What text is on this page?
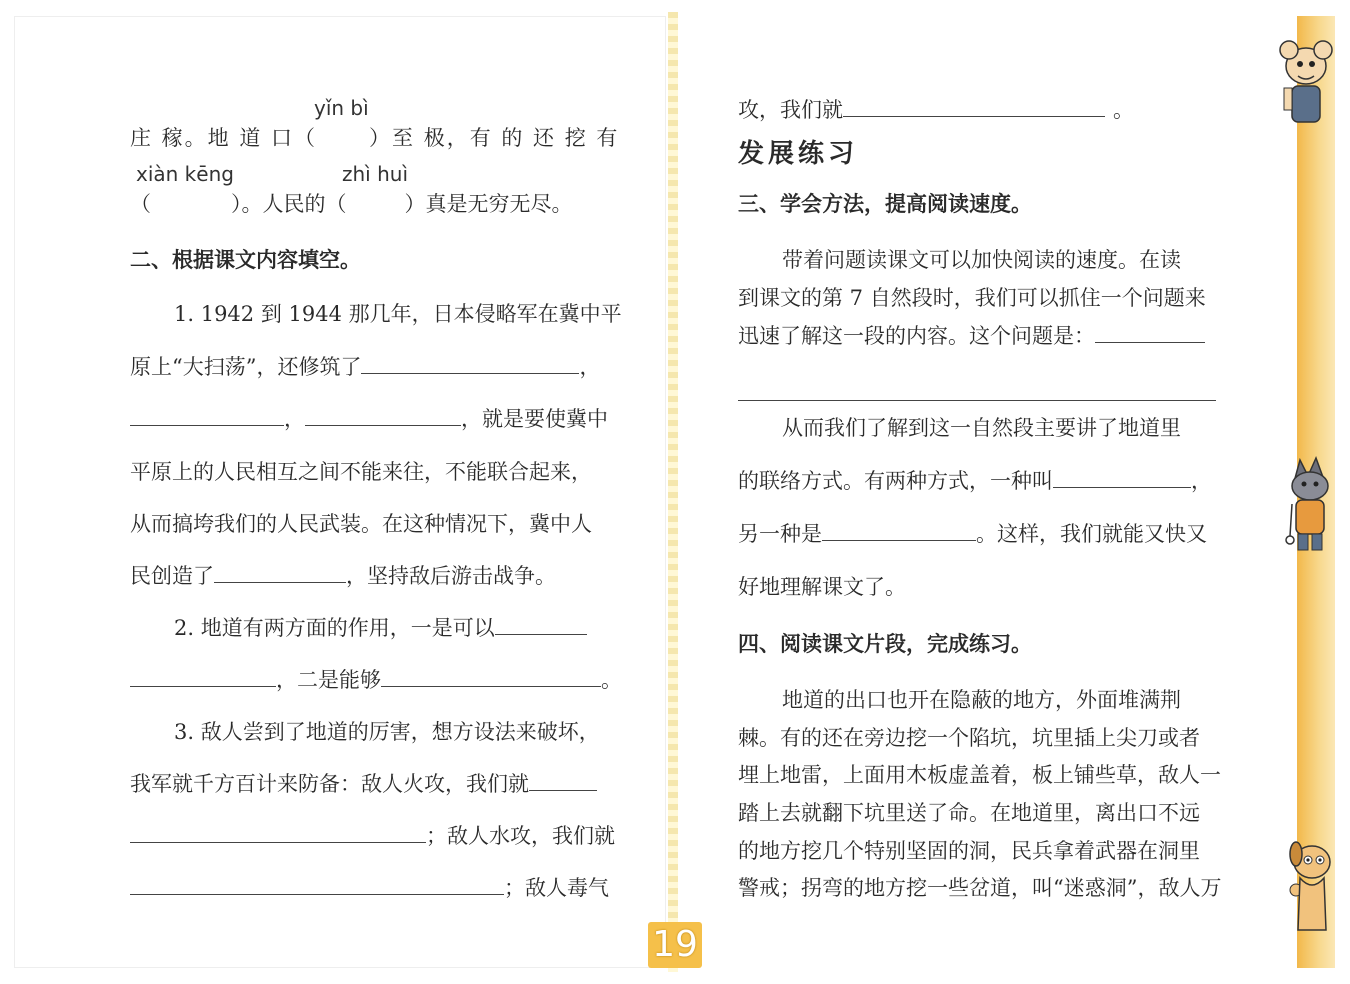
yǐn bì
庄 稼。地 道 口（ ）至 极，有 的 还 挖 有
xiàn kēng	zhì huì
（	）。人民的（	）真是无穷无尽。
二、根据课文内容填空。
1. 1942 到 1944 那几年，日本侵略军在冀中平
原上“大扫荡”，还修筑了	，
，	，就是要使冀中
平原上的人民相互之间不能来往，不能联合起来，
从而搞垮我们的人民武装。在这种情况下，冀中人
民创造了	，坚持敌后游击战争。
2. 地道有两方面的作用，一是可以
，二是能够	。
3. 敌人尝到了地道的厉害，想方设法来破坏，
我军就千方百计来防备：敌人火攻，我们就
；敌人水攻，我们就
；敌人毒气
攻，我们就	。
发展练习
三、学会方法，提高阅读速度。
带着问题读课文可以加快阅读的速度。在读
到课文的第 7 自然段时，我们可以抓住一个问题来
迅速了解这一段的内容。这个问题是：
从而我们了解到这一自然段主要讲了地道里
的联络方式。有两种方式，一种叫	，
另一种是	。这样，我们就能又快又
好地理解课文了。
四、阅读课文片段，完成练习。
地道的出口也开在隐蔽的地方，外面堆满荆
棘。有的还在旁边挖一个陷坑，坑里插上尖刀或者
埋上地雷，上面用木板虚盖着，板上铺些草，敌人一
踏上去就翻下坑里送了命。在地道里，离出口不远
的地方挖几个特别坚固的洞，民兵拿着武器在洞里
警戒；拐弯的地方挖一些岔道，叫“迷惑洞”，敌人万
19
